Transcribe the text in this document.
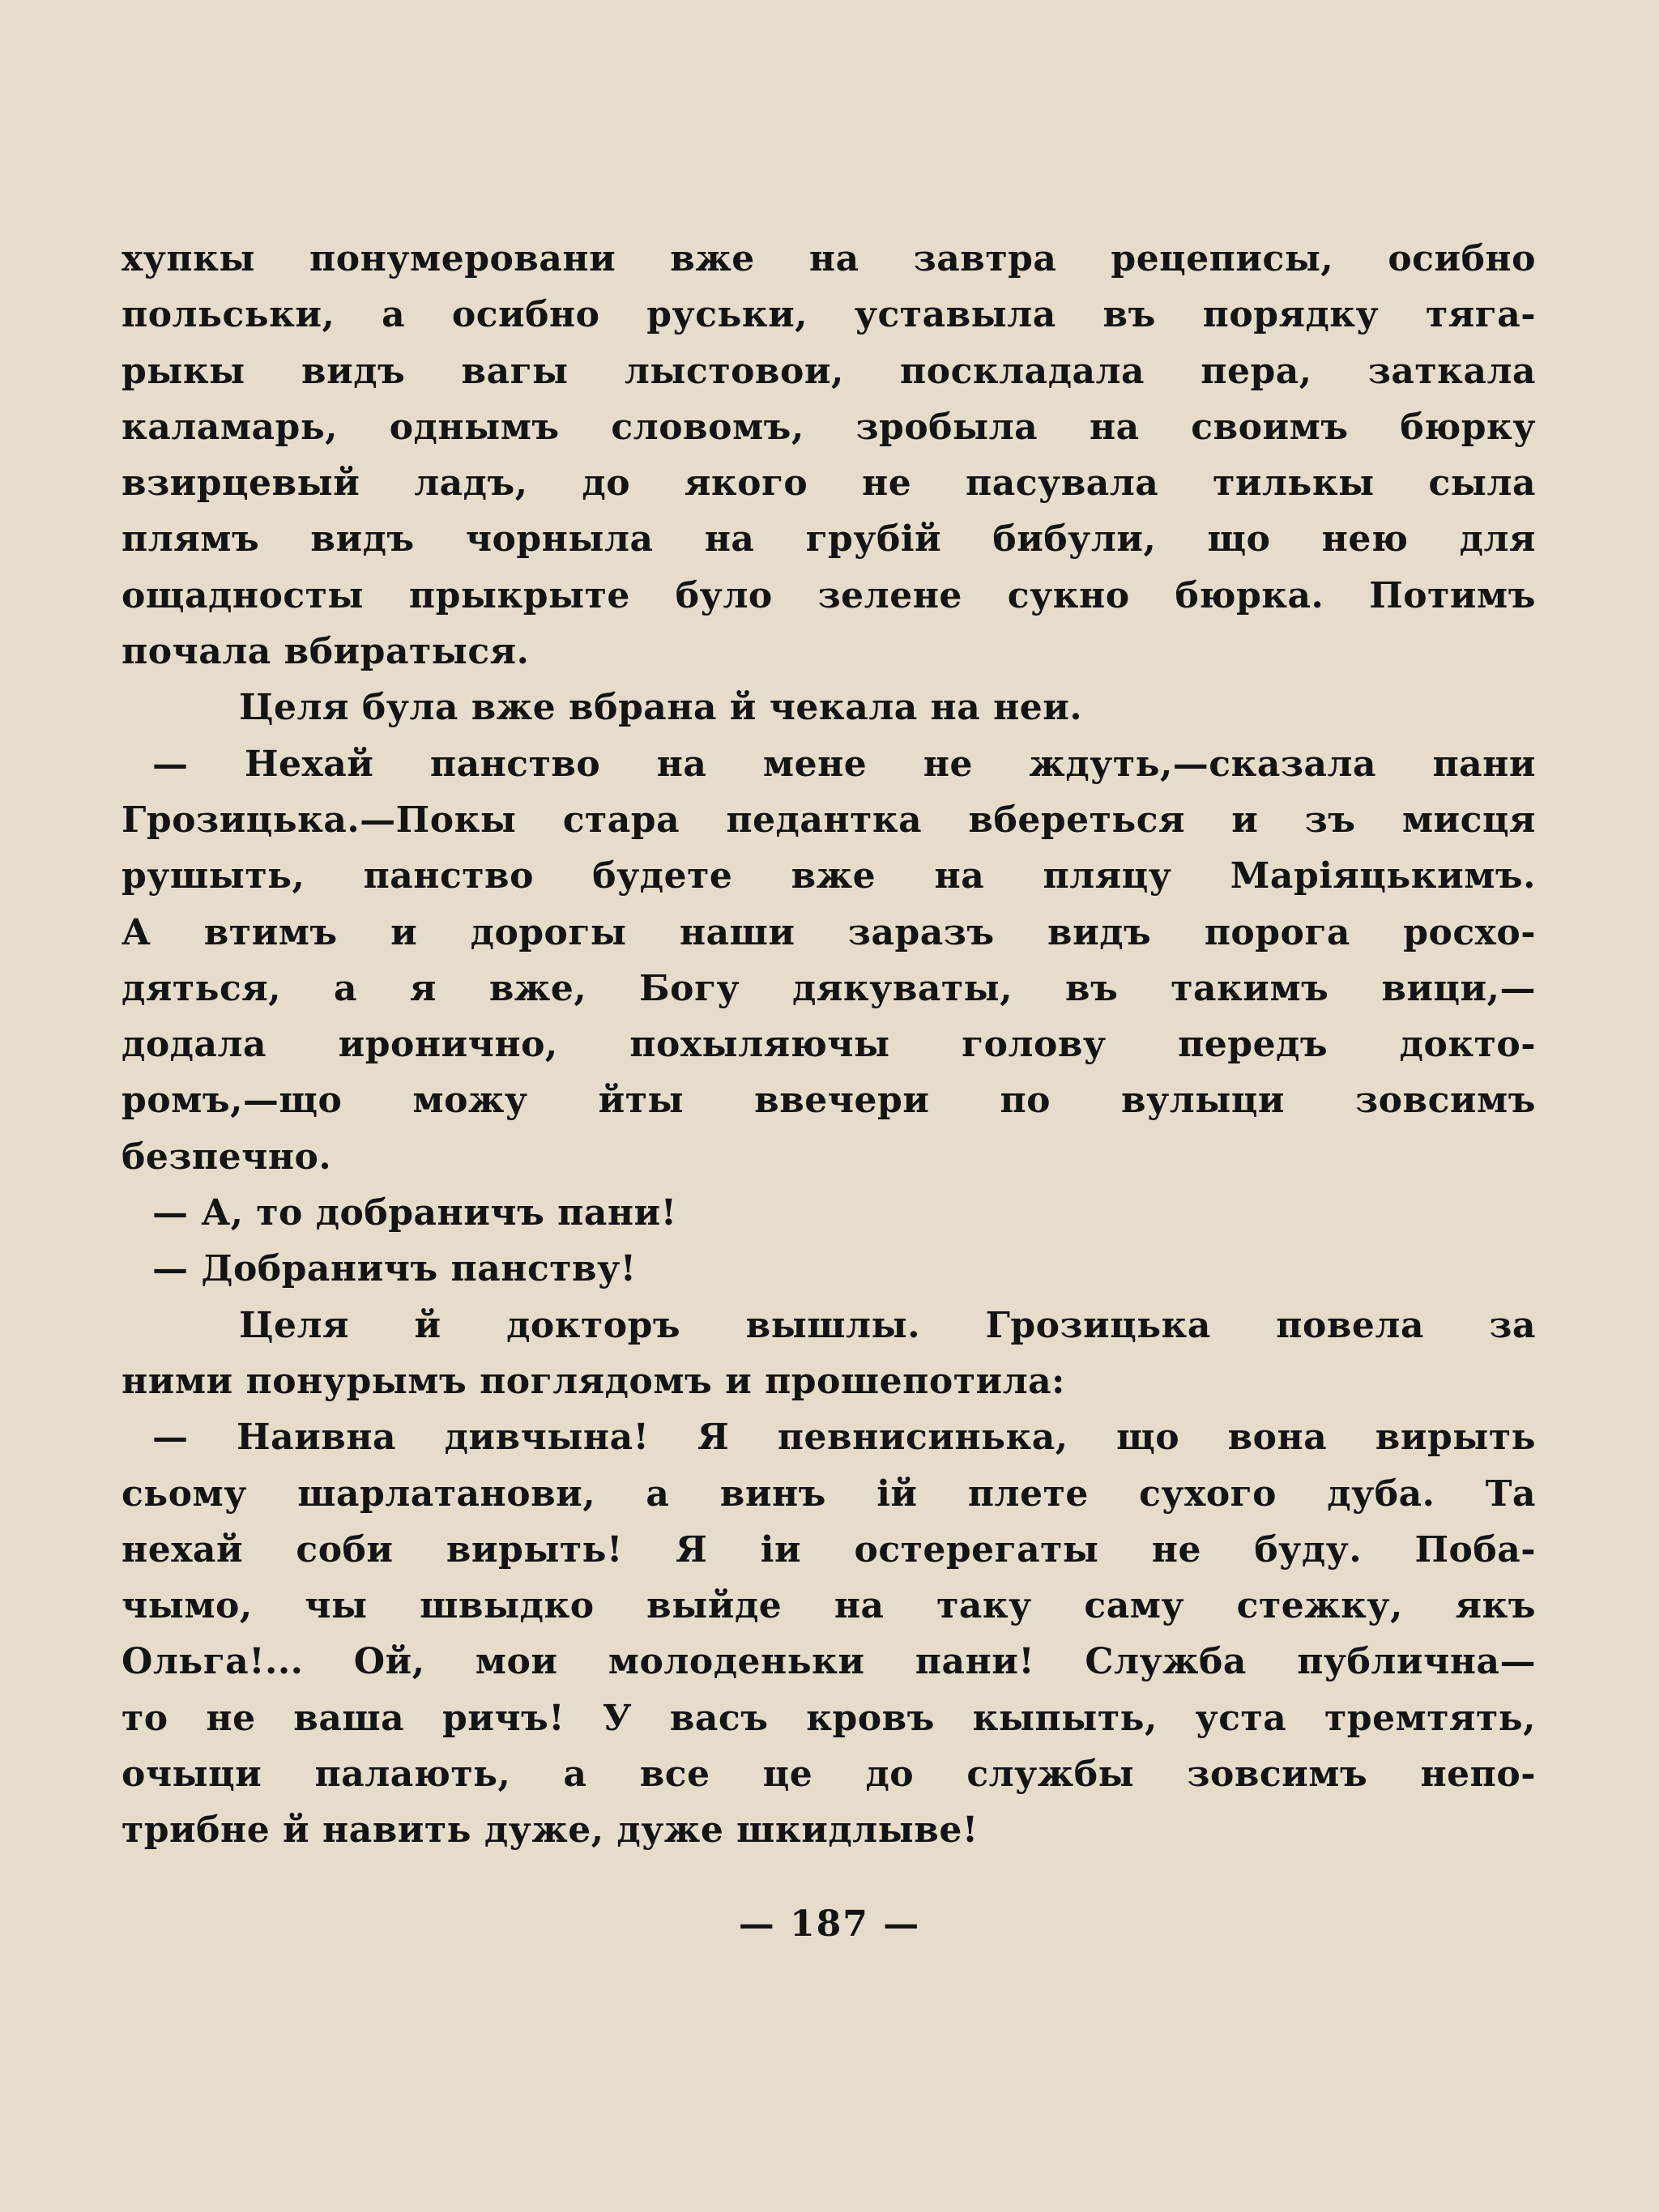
хупкы понумеровани вже на завтра рецеписы, осибно
польськи, а осибно руськи, уставыла въ порядку тяга-
рыкы видъ вагы лыстовои, поскладала пера, заткала
каламарь, однымъ словомъ, зробыла на своимъ бюрку
взирцевый ладъ, до якого не пасувала тилькы сыла
плямъ видъ чорныла на грубій бибули, що нею для
ощадносты прыкрыте було зелене сукно бюрка. Потимъ
почала вбиратыся.
Целя була вже вбрана й чекала на неи.
— Нехай панство на мене не ждуть,—сказала пани
Грозицька.—Покы стара педантка вбереться и зъ мисця
рушыть, панство будете вже на пляцу Маріяцькимъ.
А втимъ и дорогы наши заразъ видъ порога росхо-
дяться, а я вже, Богу дякуваты, въ такимъ вици,—
додала иронично, похыляючы голову передъ доктo-
ромъ,—що можу йты ввечери по вулыци зовсимъ
безпечно.
— А, то добраничъ пани!
— Добраничъ панству!
Целя й докторъ вышлы. Грозицька повела за
ними понурымъ поглядомъ и прошепотила:
— Наивна дивчына! Я певнисинька, що вона вирыть
сьому шарлатанови, а винъ ій плете сухого дуба. Та
нехай соби вирыть! Я іи остерегаты не буду. Поба-
чымо, чы швыдко выйде на таку саму стежку, якъ
Ольга!... Ой, мои молоденьки пани! Служба публична—
то не ваша ричъ! У васъ кровъ кыпыть, уста тремтять,
очыци палають, а все це до службы зовсимъ непо-
трибне й навить дуже, дуже шкидлыве!
— 187 —
